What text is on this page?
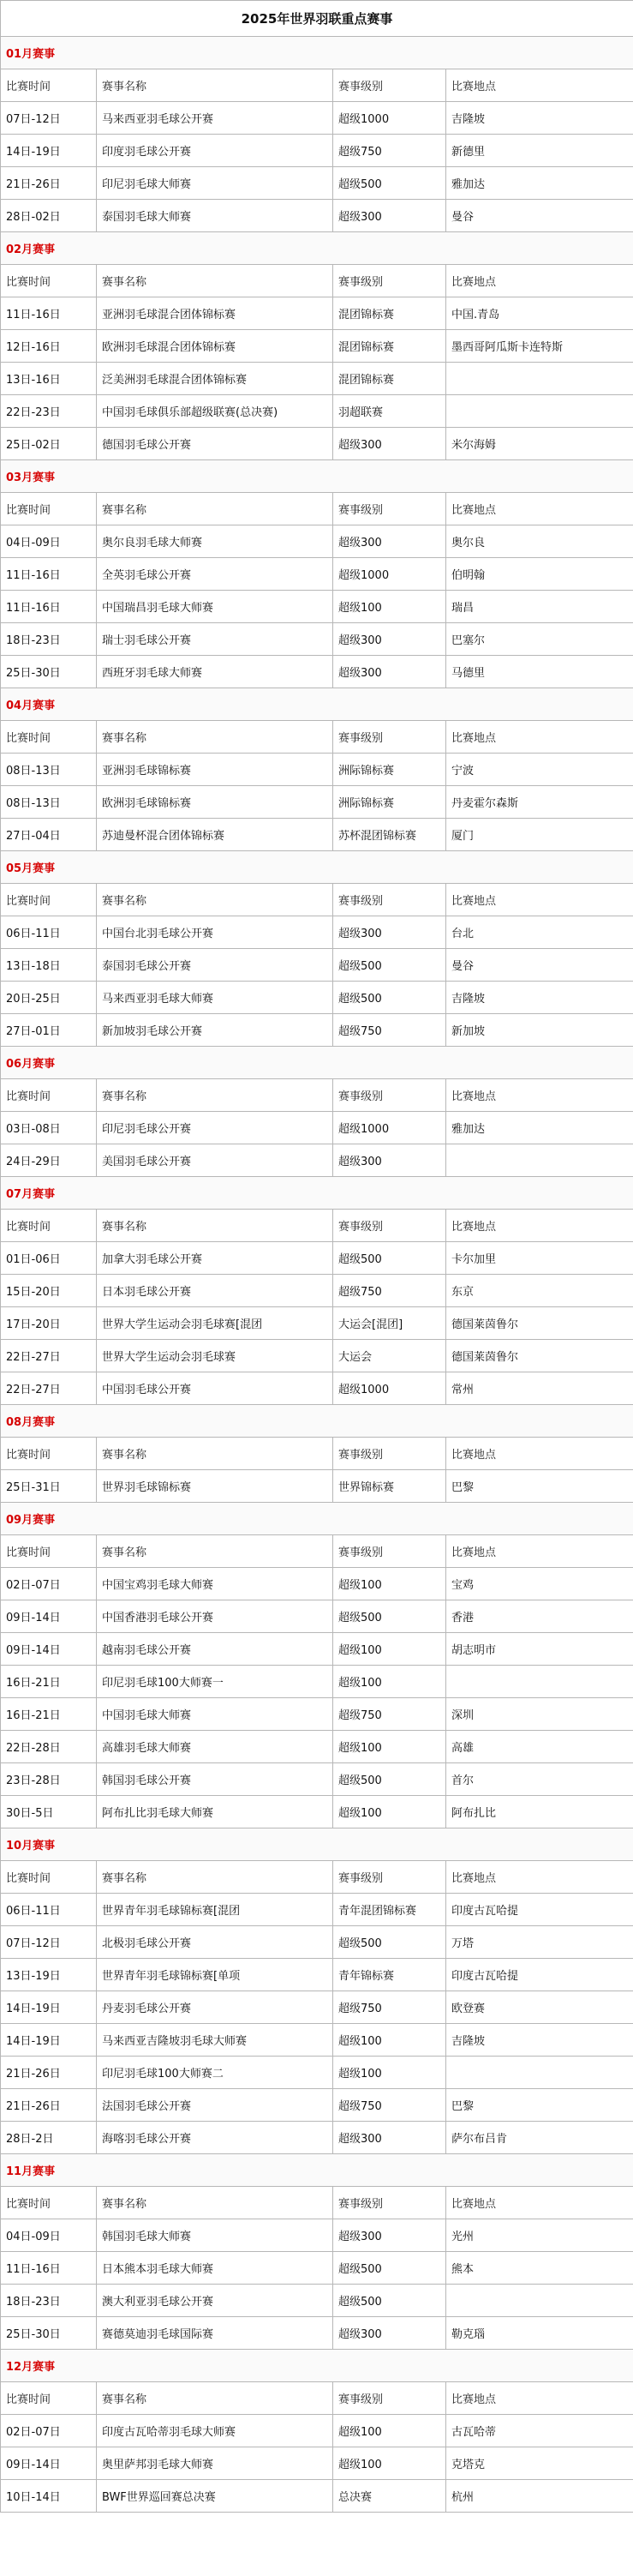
2025年世界羽联重点赛事			
01月赛事			
比赛时间	赛事名称	赛事级别	比赛地点
07日-12日	马来西亚羽毛球公开赛	超级1000	吉隆坡
14日-19日	印度羽毛球公开赛	超级750	新德里
21日-26日	印尼羽毛球大师赛	超级500	雅加达
28日-02日	泰国羽毛球大师赛	超级300	曼谷
02月赛事			
比赛时间	赛事名称	赛事级别	比赛地点
11日-16日	亚洲羽毛球混合团体锦标赛	混团锦标赛	中国.青岛
12日-16日	欧洲羽毛球混合团体锦标赛	混团锦标赛	墨西哥阿瓜斯卡连特斯
13日-16日	泛美洲羽毛球混合团体锦标赛	混团锦标赛	
22日-23日	中国羽毛球俱乐部超级联赛(总决赛)	羽超联赛	
25日-02日	德国羽毛球公开赛	超级300	米尔海姆
03月赛事			
比赛时间	赛事名称	赛事级别	比赛地点
04日-09日	奥尔良羽毛球大师赛	超级300	奥尔良
11日-16日	全英羽毛球公开赛	超级1000	伯明翰
11日-16日	中国瑞昌羽毛球大师赛	超级100	瑞昌
18日-23日	瑞士羽毛球公开赛	超级300	巴塞尔
25日-30日	西班牙羽毛球大师赛	超级300	马德里
04月赛事			
比赛时间	赛事名称	赛事级别	比赛地点
08日-13日	亚洲羽毛球锦标赛	洲际锦标赛	宁波
08日-13日	欧洲羽毛球锦标赛	洲际锦标赛	丹麦霍尔森斯
27日-04日	苏迪曼杯混合团体锦标赛	苏杯混团锦标赛	厦门
05月赛事			
比赛时间	赛事名称	赛事级别	比赛地点
06日-11日	中国台北羽毛球公开赛	超级300	台北
13日-18日	泰国羽毛球公开赛	超级500	曼谷
20日-25日	马来西亚羽毛球大师赛	超级500	吉隆坡
27日-01日	新加坡羽毛球公开赛	超级750	新加坡
06月赛事			
比赛时间	赛事名称	赛事级别	比赛地点
03日-08日	印尼羽毛球公开赛	超级1000	雅加达
24日-29日	美国羽毛球公开赛	超级300	
07月赛事			
比赛时间	赛事名称	赛事级别	比赛地点
01日-06日	加拿大羽毛球公开赛	超级500	卡尔加里
15日-20日	日本羽毛球公开赛	超级750	东京
17日-20日	世界大学生运动会羽毛球赛[混团	大运会[混团]	德国莱茵鲁尔
22日-27日	世界大学生运动会羽毛球赛	大运会	德国莱茵鲁尔
22日-27日	中国羽毛球公开赛	超级1000	常州
08月赛事			
比赛时间	赛事名称	赛事级别	比赛地点
25日-31日	世界羽毛球锦标赛	世界锦标赛	巴黎
09月赛事			
比赛时间	赛事名称	赛事级别	比赛地点
02日-07日	中国宝鸡羽毛球大师赛	超级100	宝鸡
09日-14日	中国香港羽毛球公开赛	超级500	香港
09日-14日	越南羽毛球公开赛	超级100	胡志明市
16日-21日	印尼羽毛球100大师赛一	超级100	
16日-21日	中国羽毛球大师赛	超级750	深圳
22日-28日	高雄羽毛球大师赛	超级100	高雄
23日-28日	韩国羽毛球公开赛	超级500	首尔
30日-5日	阿布扎比羽毛球大师赛	超级100	阿布扎比
10月赛事			
比赛时间	赛事名称	赛事级别	比赛地点
06日-11日	世界青年羽毛球锦标赛[混团	青年混团锦标赛	印度古瓦哈提
07日-12日	北极羽毛球公开赛	超级500	万塔
13日-19日	世界青年羽毛球锦标赛[单项	青年锦标赛	印度古瓦哈提
14日-19日	丹麦羽毛球公开赛	超级750	欧登赛
14日-19日	马来西亚吉隆坡羽毛球大师赛	超级100	吉隆坡
21日-26日	印尼羽毛球100大师赛二	超级100	
21日-26日	法国羽毛球公开赛	超级750	巴黎
28日-2日	海喀羽毛球公开赛	超级300	萨尔布吕肯
11月赛事			
比赛时间	赛事名称	赛事级别	比赛地点
04日-09日	韩国羽毛球大师赛	超级300	光州
11日-16日	日本熊本羽毛球大师赛	超级500	熊本
18日-23日	澳大利亚羽毛球公开赛	超级500	
25日-30日	赛德莫迪羽毛球国际赛	超级300	勒克瑙
12月赛事			
比赛时间	赛事名称	赛事级别	比赛地点
02日-07日	印度古瓦哈蒂羽毛球大师赛	超级100	古瓦哈蒂
09日-14日	奥里萨邦羽毛球大师赛	超级100	克塔克
10日-14日	BWF世界巡回赛总决赛	总决赛	杭州
